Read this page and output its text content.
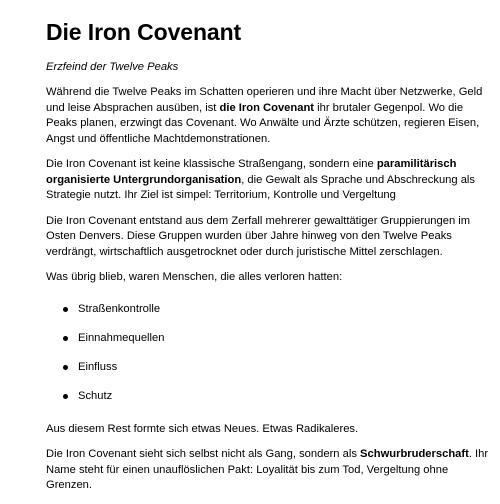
Die Iron Covenant

Erzfeind der Twelve Peaks

Während die Twelve Peaks im Schatten operieren und ihre Macht über Netzwerke, Geld und leise Absprachen ausüben, ist die Iron Covenant ihr brutaler Gegenpol. Wo die Peaks planen, erzwingt das Covenant. Wo Anwälte und Ärzte schützen, regieren Eisen, Angst und öffentliche Machtdemonstrationen.

Die Iron Covenant ist keine klassische Straßengang, sondern eine paramilitärisch organisierte Untergrundorganisation, die Gewalt als Sprache und Abschreckung als Strategie nutzt. Ihr Ziel ist simpel: Territorium, Kontrolle und Vergeltung

Die Iron Covenant entstand aus dem Zerfall mehrerer gewalttätiger Gruppierungen im Osten Denvers. Diese Gruppen wurden über Jahre hinweg von den Twelve Peaks verdrängt, wirtschaftlich ausgetrocknet oder durch juristische Mittel zerschlagen.

Was übrig blieb, waren Menschen, die alles verloren hatten:

Straßenkontrolle
Einnahmequellen
Einfluss
Schutz

Aus diesem Rest formte sich etwas Neues. Etwas Radikaleres.

Die Iron Covenant sieht sich selbst nicht als Gang, sondern als Schwurbruderschaft. Ihr Name steht für einen unauflöslichen Pakt: Loyalität bis zum Tod, Vergeltung ohne Grenzen.
